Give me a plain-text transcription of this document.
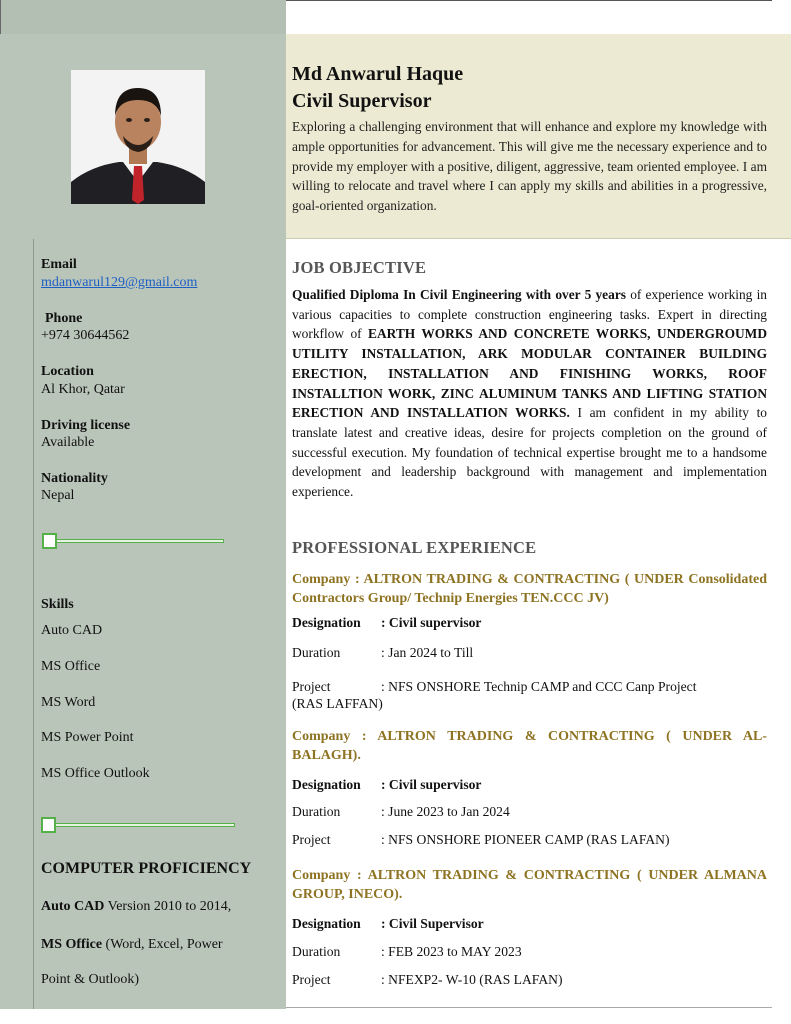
Md Anwarul Haque
Civil Supervisor
Exploring a challenging environment that will enhance and explore my knowledge with ample opportunities for advancement. This will give me the necessary experience and to provide my employer with a positive, diligent, aggressive, team oriented employee. I am willing to relocate and travel where I can apply my skills and abilities in a progressive, goal-oriented organization.
Email
mdanwarul129@gmail.com
Phone
+974 30644562
Location
Al Khor, Qatar
Driving license
Available
Nationality
Nepal
Skills
Auto CAD
MS Office
MS Word
MS Power Point
MS Office Outlook
COMPUTER PROFICIENCY
Auto CAD Version 2010 to 2014,
MS Office (Word, Excel, Power
Point & Outlook)
JOB OBJECTIVE
Qualified Diploma In Civil Engineering with over 5 years of experience working in various capacities to complete construction engineering tasks. Expert in directing workflow of EARTH WORKS AND CONCRETE WORKS, UNDERGROUMD UTILITY INSTALLATION, ARK MODULAR CONTAINER BUILDING ERECTION, INSTALLATION AND FINISHING WORKS, ROOF INSTALLTION WORK, ZINC ALUMINUM TANKS AND LIFTING STATION ERECTION AND INSTALLATION WORKS. I am confident in my ability to translate latest and creative ideas, desire for projects completion on the ground of successful execution. My foundation of technical expertise brought me to a handsome development and leadership background with management and implementation experience.
PROFESSIONAL EXPERIENCE
Company : ALTRON TRADING & CONTRACTING ( UNDER Consolidated Contractors Group/ Technip Energies TEN.CCC JV)
Designation : Civil supervisor
Duration	: Jan 2024 to Till
Project	: NFS ONSHORE Technip CAMP and CCC Canp Project
(RAS LAFFAN)
Company : ALTRON TRADING & CONTRACTING ( UNDER AL-BALAGH).
Designation : Civil supervisor
Duration	: June 2023 to Jan 2024
Project	: NFS ONSHORE PIONEER CAMP (RAS LAFAN)
Company : ALTRON TRADING & CONTRACTING ( UNDER ALMANA GROUP, INECO).
Designation : Civil Supervisor
Duration	: FEB 2023 to MAY 2023
Project	: NFEXP2- W-10 (RAS LAFAN)
